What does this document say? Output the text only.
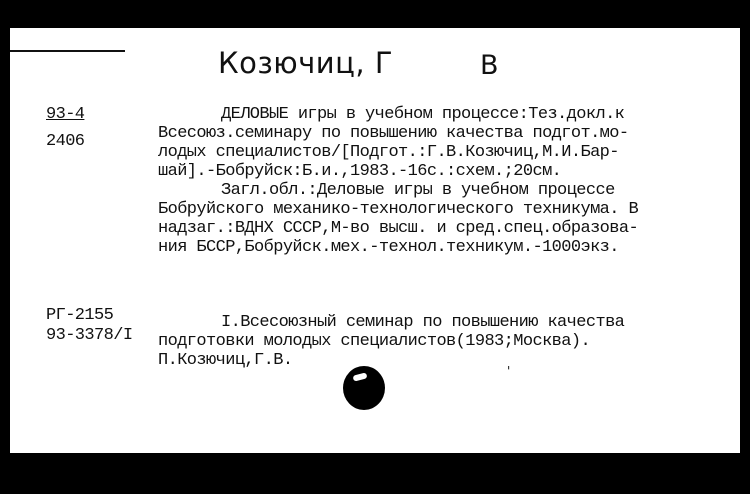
Козючиц, Г	В
93-4
2406
ДЕЛОВЫЕ игры в учебном процессе:Тез.докл.к
Всесоюз.семинару по повышению качества подгот.мо-
лодых специалистов/[Подгот.:Г.В.Козючиц,М.И.Бар-
шай].-Бобруйск:Б.и.,1983.-16с.:схем.;20см.
Загл.обл.:Деловые игры в учебном процессе
Бобруйского механико-технологического техникума. В
надзаг.:ВДНХ СССР,М-во высш. и сред.спец.образова-
ния БССР,Бобруйск.мех.-технол.техникум.-1000экз.
РГ-2155
93-3378/I
I.Всесоюзный семинар по повышению качества
подготовки молодых специалистов(1983;Москва).
П.Козючиц,Г.В.
'
